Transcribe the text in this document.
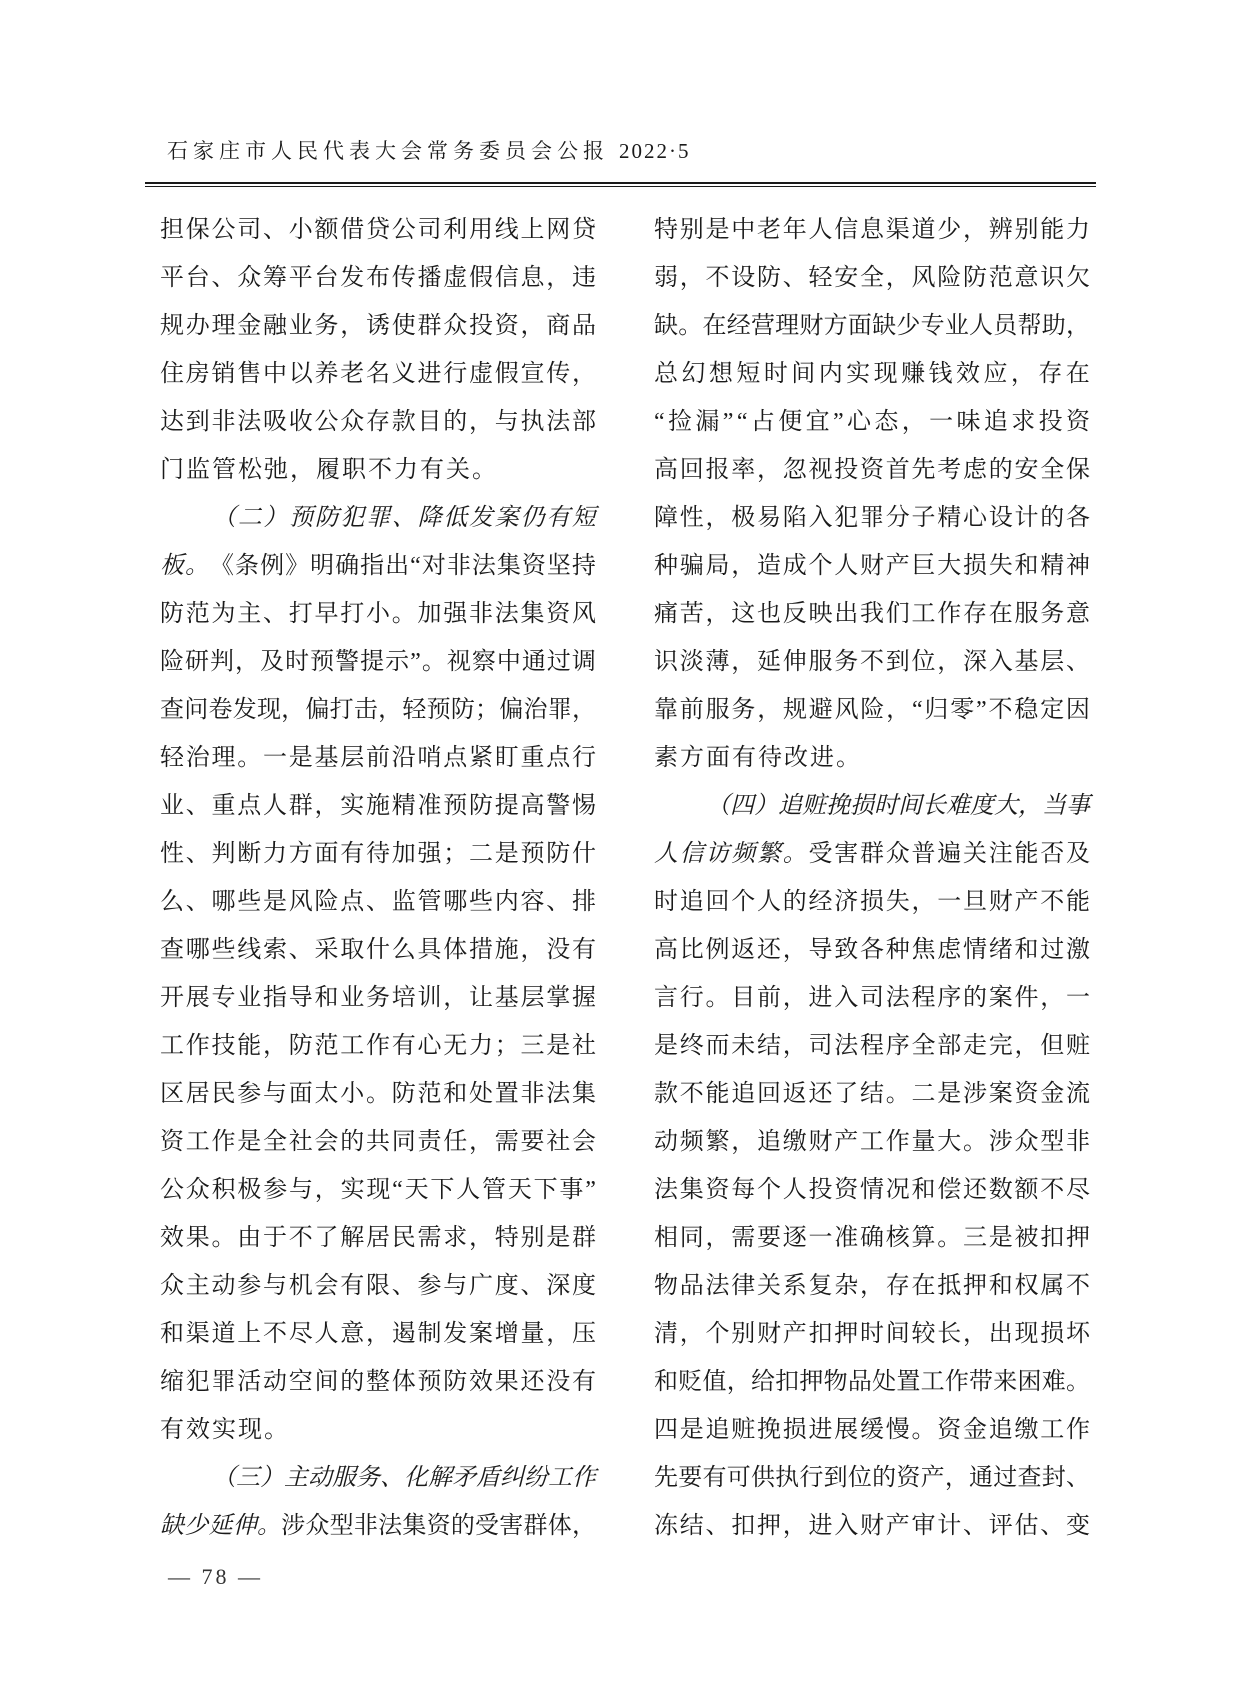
石家庄市人民代表大会常务委员会公报 2022·5
担 保 公 司 、 小 额 借 贷 公 司 利 用 线 上 网 贷
平 台 、 众 筹 平 台 发 布 传 播 虚 假 信 息 ， 违
规 办 理 金 融 业 务 ， 诱 使 群 众 投 资 ， 商 品
住 房 销 售 中 以 养 老 名 义 进 行 虚 假 宣 传 ，
达 到 非 法 吸 收 公 众 存 款 目 的 ， 与 执 法 部
门监管松弛，履职不力有关。
（ 二 ） 预 防 犯 罪 、 降 低 发 案 仍 有 短
板 。 《 条 例 》 明 确 指 出 “ 对 非 法 集 资 坚 持
防 范 为 主 、 打 早 打 小 。 加 强 非 法 集 资 风
险 研 判 ， 及 时 预 警 提 示 ” 。 视 察 中 通 过 调
查 问 卷 发 现 ， 偏 打 击 ， 轻 预 防 ； 偏 治 罪 ，
轻 治 理 。 一 是 基 层 前 沿 哨 点 紧 盯 重 点 行
业 、 重 点 人 群 ， 实 施 精 准 预 防 提 高 警 惕
性 、 判 断 力 方 面 有 待 加 强 ； 二 是 预 防 什
么 、 哪 些 是 风 险 点 、 监 管 哪 些 内 容 、 排
查 哪 些 线 索 、 采 取 什 么 具 体 措 施 ， 没 有
开 展 专 业 指 导 和 业 务 培 训 ， 让 基 层 掌 握
工 作 技 能 ， 防 范 工 作 有 心 无 力 ； 三 是 社
区 居 民 参 与 面 太 小 。 防 范 和 处 置 非 法 集
资 工 作 是 全 社 会 的 共 同 责 任 ， 需 要 社 会
公 众 积 极 参 与 ， 实 现 “ 天 下 人 管 天 下 事 ”
效 果 。 由 于 不 了 解 居 民 需 求 ， 特 别 是 群
众 主 动 参 与 机 会 有 限 、 参 与 广 度 、 深 度
和 渠 道 上 不 尽 人 意 ， 遏 制 发 案 增 量 ， 压
缩 犯 罪 活 动 空 间 的 整 体 预 防 效 果 还 没 有
有效实现。
（ 三 ） 主 动 服 务 、 化 解 矛 盾 纠 纷 工 作
缺 少 延 伸 。 涉 众 型 非 法 集 资 的 受 害 群 体 ，
特 别 是 中 老 年 人 信 息 渠 道 少 ， 辨 别 能 力
弱 ， 不 设 防 、 轻 安 全 ， 风 险 防 范 意 识 欠
缺 。 在 经 营 理 财 方 面 缺 少 专 业 人 员 帮 助 ，
总 幻 想 短 时 间 内 实 现 赚 钱 效 应 ， 存 在
“ 捡 漏 ” “ 占 便 宜 ” 心 态 ， 一 味 追 求 投 资
高 回 报 率 ， 忽 视 投 资 首 先 考 虑 的 安 全 保
障 性 ， 极 易 陷 入 犯 罪 分 子 精 心 设 计 的 各
种 骗 局 ， 造 成 个 人 财 产 巨 大 损 失 和 精 神
痛 苦 ， 这 也 反 映 出 我 们 工 作 存 在 服 务 意
识 淡 薄 ， 延 伸 服 务 不 到 位 ， 深 入 基 层 、
靠 前 服 务 ， 规 避 风 险 ， “ 归 零 ” 不 稳 定 因
素方面有待改进。
（ 四 ） 追 赃 挽 损 时 间 长 难 度 大 ， 当 事
人 信 访 频 繁 。 受 害 群 众 普 遍 关 注 能 否 及
时 追 回 个 人 的 经 济 损 失 ， 一 旦 财 产 不 能
高 比 例 返 还 ， 导 致 各 种 焦 虑 情 绪 和 过 激
言 行 。 目 前 ， 进 入 司 法 程 序 的 案 件 ， 一
是 终 而 未 结 ， 司 法 程 序 全 部 走 完 ， 但 赃
款 不 能 追 回 返 还 了 结 。 二 是 涉 案 资 金 流
动 频 繁 ， 追 缴 财 产 工 作 量 大 。 涉 众 型 非
法 集 资 每 个 人 投 资 情 况 和 偿 还 数 额 不 尽
相 同 ， 需 要 逐 一 准 确 核 算 。 三 是 被 扣 押
物 品 法 律 关 系 复 杂 ， 存 在 抵 押 和 权 属 不
清 ， 个 别 财 产 扣 押 时 间 较 长 ， 出 现 损 坏
和 贬 值 ， 给 扣 押 物 品 处 置 工 作 带 来 困 难 。
四 是 追 赃 挽 损 进 展 缓 慢 。 资 金 追 缴 工 作
先 要 有 可 供 执 行 到 位 的 资 产 ， 通 过 查 封 、
冻 结 、 扣 押 ， 进 入 财 产 审 计 、 评 估 、 变
— 78 —
